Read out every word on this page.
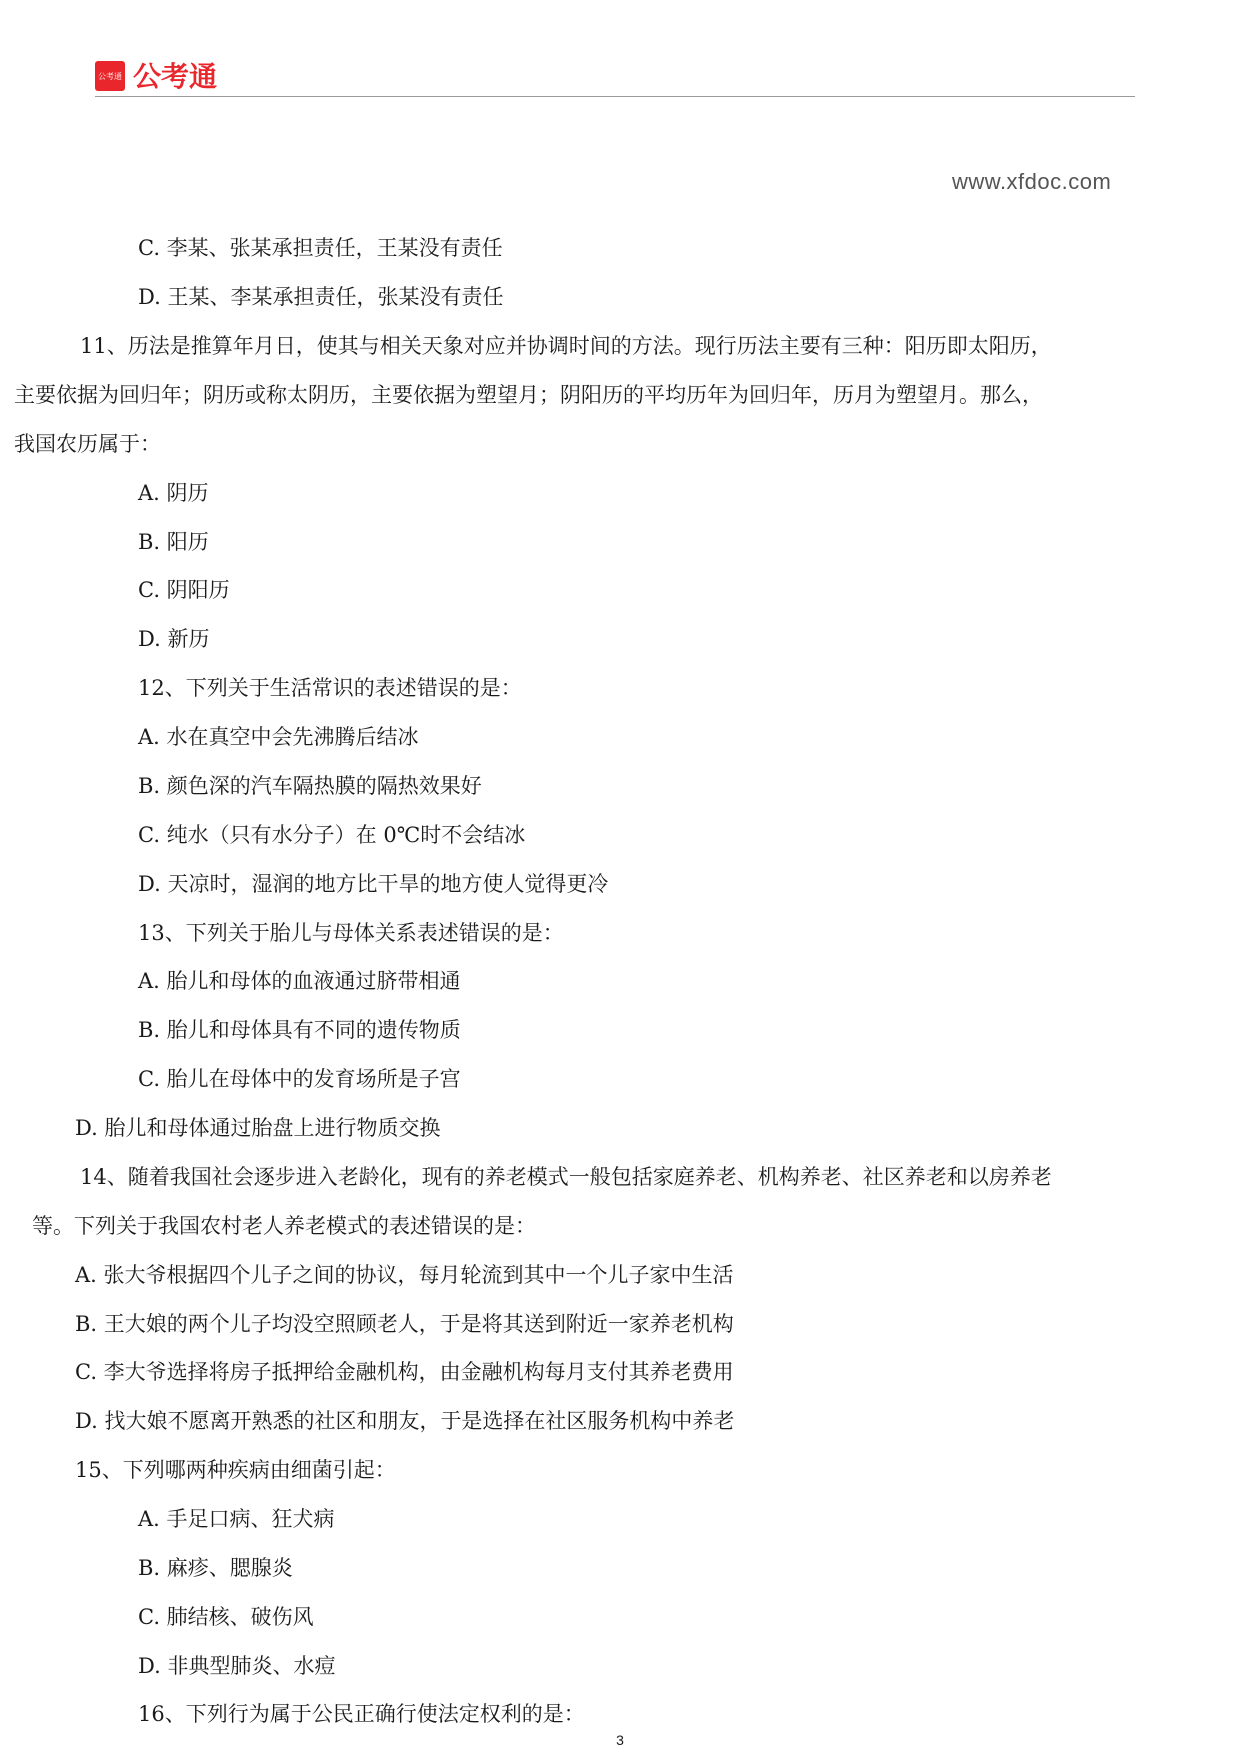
公考通 公考通
www.xfdoc.com
C. 李某、张某承担责任，王某没有责任
D. 王某、李某承担责任，张某没有责任
11、历法是推算年月日，使其与相关天象对应并协调时间的方法。现行历法主要有三种：阳历即太阳历，
主要依据为回归年；阴历或称太阴历，主要依据为塑望月；阴阳历的平均历年为回归年，历月为塑望月。那么，
我国农历属于：
A. 阴历
B. 阳历
C. 阴阳历
D. 新历
12、下列关于生活常识的表述错误的是：
A. 水在真空中会先沸腾后结冰
B. 颜色深的汽车隔热膜的隔热效果好
C. 纯水（只有水分子）在 0℃时不会结冰
D. 天凉时，湿润的地方比干旱的地方使人觉得更冷
13、下列关于胎儿与母体关系表述错误的是：
A. 胎儿和母体的血液通过脐带相通
B. 胎儿和母体具有不同的遗传物质
C. 胎儿在母体中的发育场所是子宫
D. 胎儿和母体通过胎盘上进行物质交换
14、随着我国社会逐步进入老龄化，现有的养老模式一般包括家庭养老、机构养老、社区养老和以房养老
等。下列关于我国农村老人养老模式的表述错误的是：
A. 张大爷根据四个儿子之间的协议，每月轮流到其中一个儿子家中生活
B. 王大娘的两个儿子均没空照顾老人，于是将其送到附近一家养老机构
C. 李大爷选择将房子抵押给金融机构，由金融机构每月支付其养老费用
D. 找大娘不愿离开熟悉的社区和朋友，于是选择在社区服务机构中养老
15、下列哪两种疾病由细菌引起：
A. 手足口病、狂犬病
B. 麻疹、腮腺炎
C. 肺结核、破伤风
D. 非典型肺炎、水痘
16、下列行为属于公民正确行使法定权利的是：
3
